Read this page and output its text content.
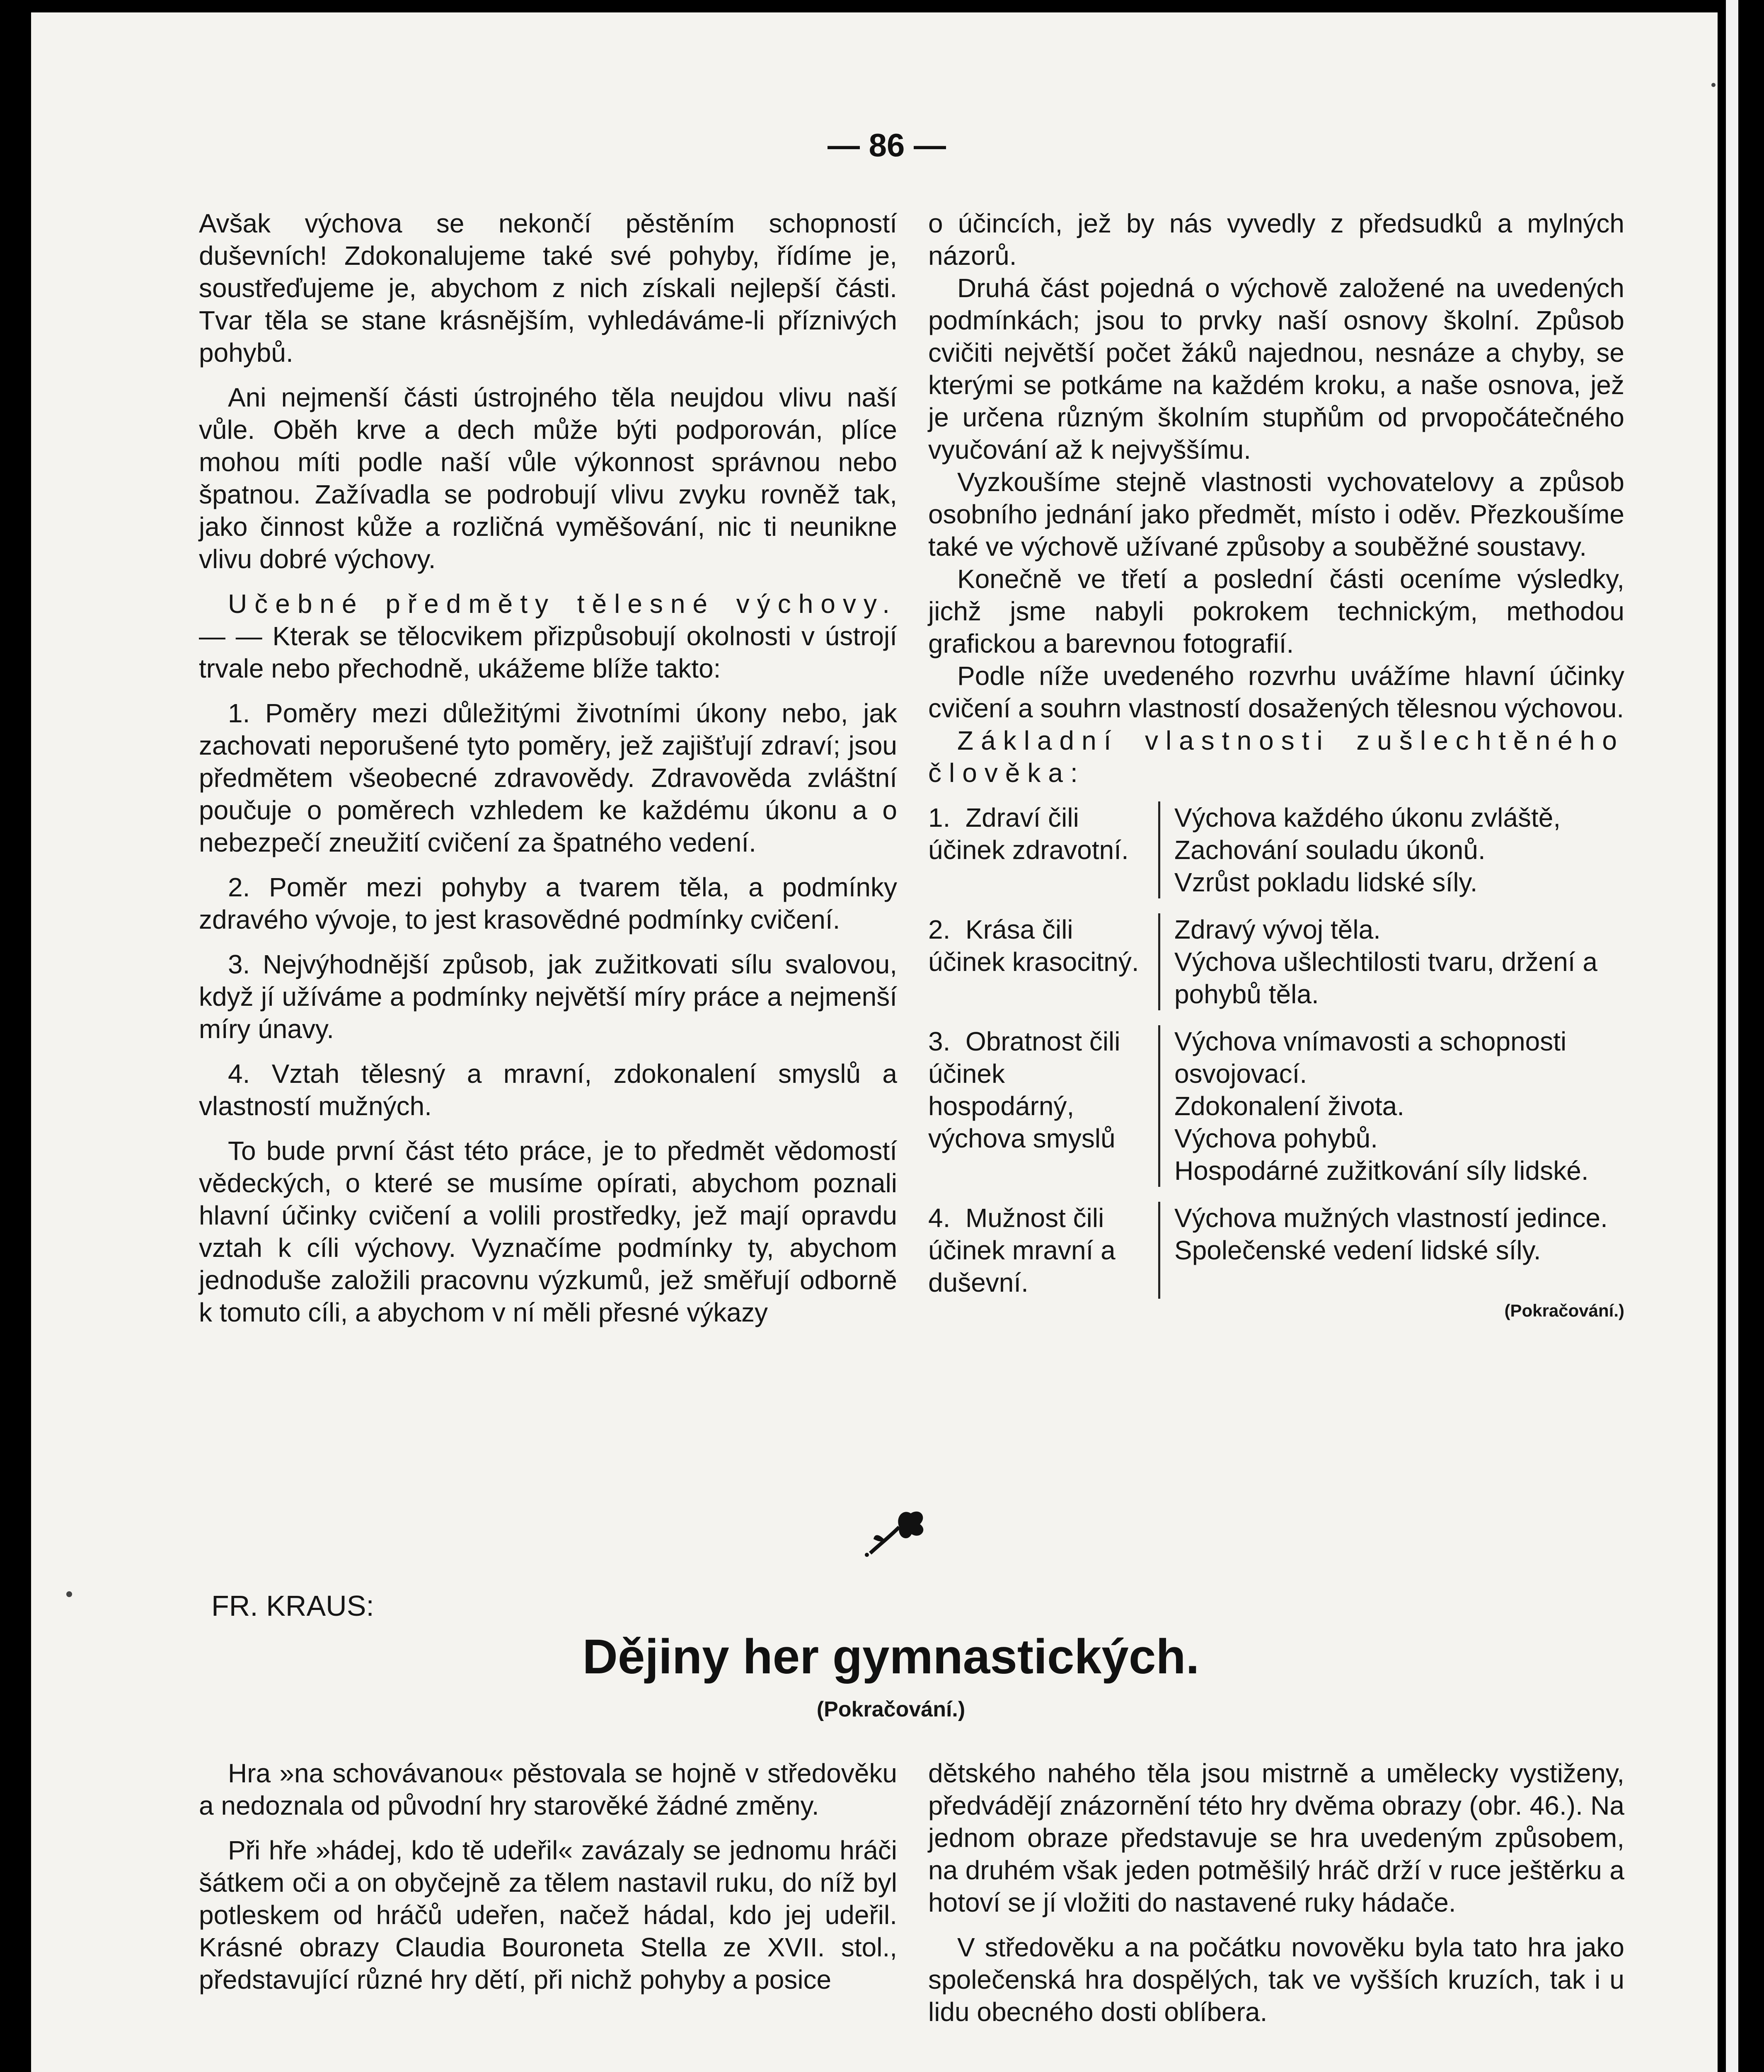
— 86 —

Avšak výchova se nekončí pěstěním schopností duševních! Zdokonalujeme také své pohyby, řídíme je, soustřeďujeme je, abychom z nich získali nejlepší části. Tvar těla se stane krásnějším, vyhledáváme-li příznivých pohybů.

Ani nejmenší části ústrojného těla neujdou vlivu naší vůle. Oběh krve a dech může býti podporován, plíce mohou míti podle naší vůle výkonnost správnou nebo špatnou. Zažívadla se podrobují vlivu zvyku rovněž tak, jako činnost kůže a rozličná vyměšování, nic ti neunikne vlivu dobré výchovy.

Učebné předměty tělesné výchovy. — — Kterak se tělocvikem přizpůsobují okolnosti v ústrojí trvale nebo přechodně, ukážeme blíže takto:

1. Poměry mezi důležitými životními úkony nebo, jak zachovati neporušené tyto poměry, jež zajišťují zdraví; jsou předmětem všeobecné zdravovědy. Zdravověda zvláštní poučuje o poměrech vzhledem ke každému úkonu a o nebezpečí zneužití cvičení za špatného vedení.

2. Poměr mezi pohyby a tvarem těla, a podmínky zdravého vývoje, to jest krasovědné podmínky cvičení.

3. Nejvýhodnější způsob, jak zužitkovati sílu svalovou, když jí užíváme a podmínky největší míry práce a nejmenší míry únavy.

4. Vztah tělesný a mravní, zdokonalení smyslů a vlastností mužných.

To bude první část této práce, je to předmět vědomostí vědeckých, o které se musíme opírati, abychom poznali hlavní účinky cvičení a volili prostředky, jež mají opravdu vztah k cíli výchovy. Vyznačíme podmínky ty, abychom jednoduše založili pracovnu výzkumů, jež směřují odborně k tomuto cíli, a abychom v ní měli přesné výkazy

o účincích, jež by nás vyvedly z předsudků a mylných názorů.

Druhá část pojedná o výchově založené na uvedených podmínkách; jsou to prvky naší osnovy školní. Způsob cvičiti největší počet žáků najednou, nesnáze a chyby, se kterými se potkáme na každém kroku, a naše osnova, jež je určena různým školním stupňům od prvopočátečného vyučování až k nejvyššímu.

Vyzkoušíme stejně vlastnosti vychovatelovy a způsob osobního jednání jako předmět, místo i oděv. Přezkoušíme také ve výchově užívané způsoby a souběžné soustavy.

Konečně ve třetí a poslední části oceníme výsledky, jichž jsme nabyli pokrokem technickým, methodou grafickou a barevnou fotografií.

Podle níže uvedeného rozvrhu uvážíme hlavní účinky cvičení a souhrn vlastností dosažených tělesnou výchovou.

Základní vlastnosti zušlechtěného člověka:

1. Zdraví čili účinek zdravotní.
Výchova každého úkonu zvláště,
Zachování souladu úkonů.
Vzrůst pokladu lidské síly.
2. Krása čili účinek krasocitný.
Zdravý vývoj těla.
Výchova ušlechtilosti tvaru, držení a pohybů těla.
3. Obratnost čili účinek hospodárný, výchova smyslů
Výchova vnímavosti a schopnosti osvojovací.
Zdokonalení života.
Výchova pohybů.
Hospodárné zužitkování síly lidské.
4. Mužnost čili účinek mravní a duševní.
Výchova mužných vlastností jedince.
Společenské vedení lidské síly.
(Pokračování.)
FR. KRAUS:
Dějiny her gymnastických.
(Pokračování.)

Hra »na schovávanou« pěstovala se hojně v středověku a nedoznala od původní hry starověké žádné změny.

Při hře »hádej, kdo tě udeřil« zavázaly se jednomu hráči šátkem oči a on obyčejně za tělem nastavil ruku, do níž byl potleskem od hráčů udeřen, načež hádal, kdo jej udeřil. Krásné obrazy Claudia Bouroneta Stella ze XVII. stol., představující různé hry dětí, při nichž pohyby a posice

dětského nahého těla jsou mistrně a umělecky vystiženy, předvádějí znázornění této hry dvěma obrazy (obr. 46.). Na jednom obraze představuje se hra uvedeným způsobem, na druhém však jeden potměšilý hráč drží v ruce ještěrku a hotoví se jí vložiti do nastavené ruky hádače.

V středověku a na počátku novověku byla tato hra jako společenská hra dospělých, tak ve vyšších kruzích, tak i u lidu obecného dosti oblíbera.
